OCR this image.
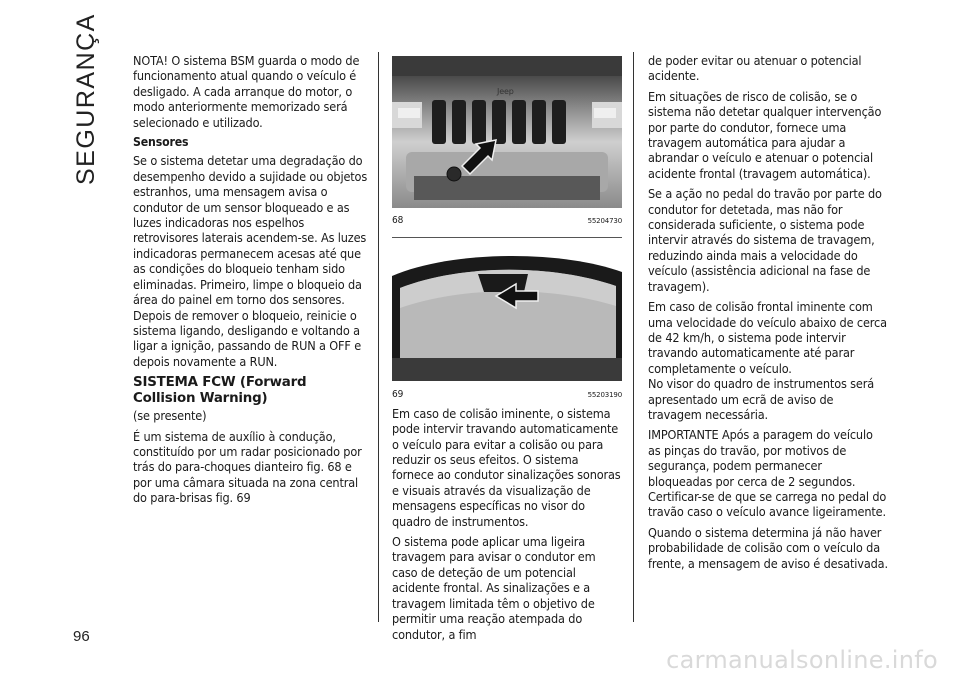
SEGURANÇA	NOTA! O sistema BSM guarda o modo de funcionamento atual quando o veículo é desligado. A cada arranque do motor, o modo anteriormente memorizado será selecionado e utilizado.

Sensores

Se o sistema detetar uma degradação do desempenho devido a sujidade ou objetos estranhos, uma mensagem avisa o condutor de um sensor bloqueado e as luzes indicadoras nos espelhos retrovisores laterais acendem-se. As luzes indicadoras permanecem acesas até que as condições do bloqueio tenham sido eliminadas. Primeiro, limpe o bloqueio da área do painel em torno dos sensores. Depois de remover o bloqueio, reinicie o sistema ligando, desligando e voltando a ligar a ignição, passando de RUN a OFF e depois novamente a RUN.

SISTEMA FCW (Forward
Collision Warning)

(se presente)

É um sistema de auxílio à condução, constituído por um radar posicionado por trás do para-choques dianteiro fig. 68 e por uma câmara situada na zona central do para-brisas fig. 69

Jeep
68	55204730
69	55203190

Em caso de colisão iminente, o sistema pode intervir travando automaticamente o veículo para evitar a colisão ou para reduzir os seus efeitos. O sistema fornece ao condutor sinalizações sonoras e visuais através da visualização de mensagens específicas no visor do quadro de instrumentos.

O sistema pode aplicar uma ligeira travagem para avisar o condutor em caso de deteção de um potencial acidente frontal. As sinalizações e a travagem limitada têm o objetivo de permitir uma reação atempada do condutor, a fim

de poder evitar ou atenuar o potencial acidente.

Em situações de risco de colisão, se o sistema não detetar qualquer intervenção por parte do condutor, fornece uma travagem automática para ajudar a abrandar o veículo e atenuar o potencial acidente frontal (travagem automática).

Se a ação no pedal do travão por parte do condutor for detetada, mas não for considerada suficiente, o sistema pode intervir através do sistema de travagem, reduzindo ainda mais a velocidade do veículo (assistência adicional na fase de travagem).

Em caso de colisão frontal iminente com uma velocidade do veículo abaixo de cerca de 42 km/h, o sistema pode intervir travando automaticamente até parar completamente o veículo.

No visor do quadro de instrumentos será apresentado um ecrã de aviso de travagem necessária.

IMPORTANTE Após a paragem do veículo as pinças do travão, por motivos de segurança, podem permanecer bloqueadas por cerca de 2 segundos. Certificar-se de que se carrega no pedal do travão caso o veículo avance ligeiramente.

Quando o sistema determina já não haver probabilidade de colisão com o veículo da frente, a mensagem de aviso é desativada.

96
carmanualsonline.info
